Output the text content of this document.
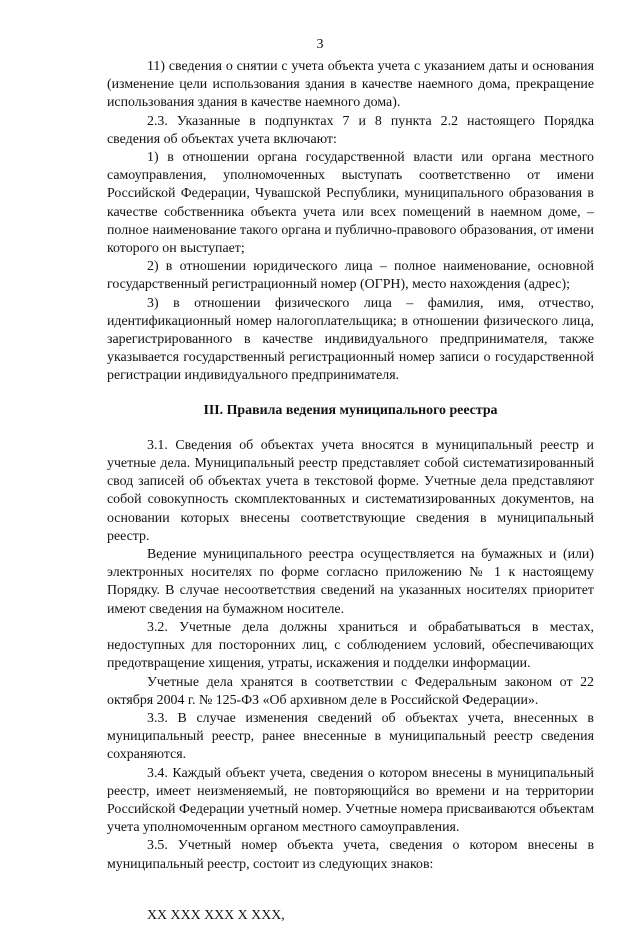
3

11) сведения о снятии с учета объекта учета с указанием даты и основания (изменение цели использования здания в качестве наемного дома, прекращение использования здания в качестве наемного дома).

2.3. Указанные в подпунктах 7 и 8 пункта 2.2 настоящего Порядка сведения об объектах учета включают:

1) в отношении органа государственной власти или органа местного самоуправления, уполномоченных выступать соответственно от имени Российской Федерации, Чувашской Республики, муниципального образования в качестве собственника объекта учета или всех помещений в наемном доме, – полное наименование такого органа и публично-правового образования, от имени которого он выступает;

2) в отношении юридического лица – полное наименование, основной государственный регистрационный номер (ОГРН), место нахождения (адрес);

3) в отношении физического лица – фамилия, имя, отчество, идентификационный номер налогоплательщика; в отношении физического лица, зарегистрированного в качестве индивидуального предпринимателя, также указывается государственный регистрационный номер записи о государственной регистрации индивидуального предпринимателя.

III. Правила ведения муниципального реестра

3.1. Сведения об объектах учета вносятся в муниципальный реестр и учетные дела. Муниципальный реестр представляет собой систематизированный свод записей об объектах учета в текстовой форме. Учетные дела представляют собой совокупность скомплектованных и систематизированных документов, на основании которых внесены соответствующие сведения в муниципальный реестр.

Ведение муниципального реестра осуществляется на бумажных и (или) электронных носителях по форме согласно приложению № 1 к настоящему Порядку. В случае несоответствия сведений на указанных носителях приоритет имеют сведения на бумажном носителе.

3.2. Учетные дела должны храниться и обрабатываться в местах, недоступных для посторонних лиц, с соблюдением условий, обеспечивающих предотвращение хищения, утраты, искажения и подделки информации.

Учетные дела хранятся в соответствии с Федеральным законом от 22 октября 2004 г. № 125-ФЗ «Об архивном деле в Российской Федерации».

3.3. В случае изменения сведений об объектах учета, внесенных в муниципальный реестр, ранее внесенные в муниципальный реестр сведения сохраняются.

3.4. Каждый объект учета, сведения о котором внесены в муниципальный реестр, имеет неизменяемый, не повторяющийся во времени и на территории Российской Федерации учетный номер. Учетные номера присваиваются объектам учета уполномоченным органом местного самоуправления.

3.5. Учетный номер объекта учета, сведения о котором внесены в муниципальный реестр, состоит из следующих знаков:

XX XXX XXX X XXX,
